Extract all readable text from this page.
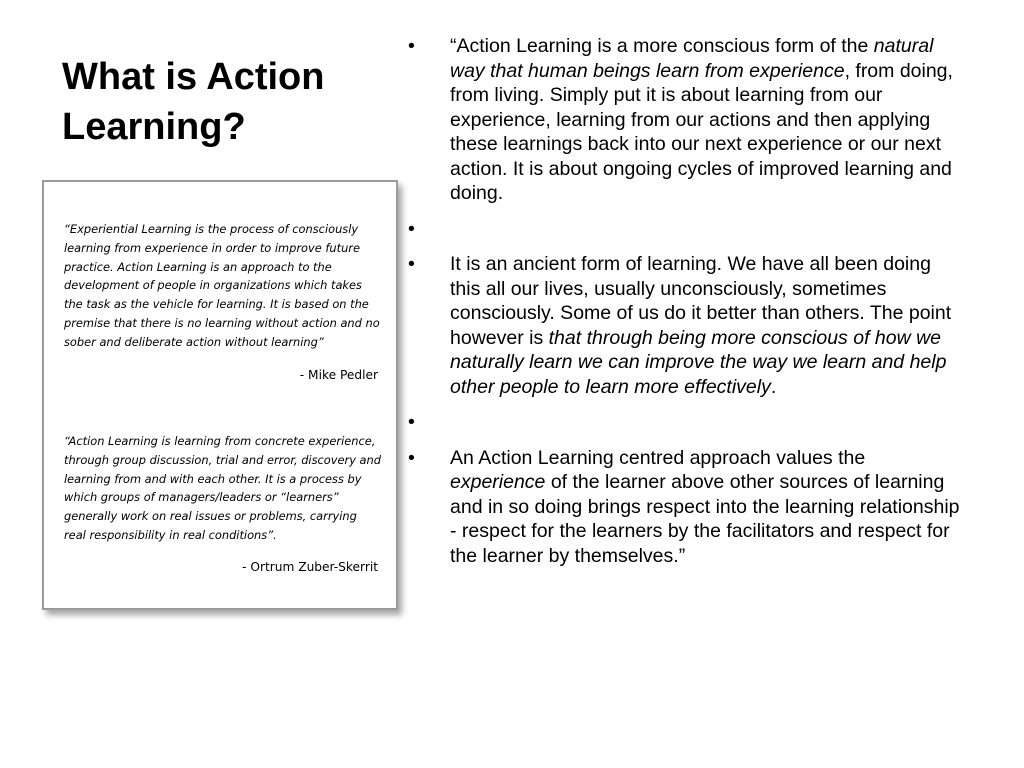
What is Action Learning?
“Experiential Learning is the process of consciously learning from experience in order to improve future practice. Action Learning is an approach to the development of people in organizations which takes the task as the vehicle for learning. It is based on the premise that there is no learning without action and no sober and deliberate action without learning”
- Mike Pedler
“Action Learning is learning from concrete experience, through group discussion, trial and error, discovery and learning from and with each other. It is a process by which groups of managers/leaders or “learners” generally work on real issues or problems, carrying real responsibility in real conditions”.
- Ortrum Zuber-Skerrit
•	“Action Learning is a more conscious form of the natural way that human beings learn from experience, from doing, from living. Simply put it is about learning from our experience, learning from our actions and then applying these learnings back into our next experience or our next action. It is about ongoing cycles of improved learning and doing.
•
•	It is an ancient form of learning. We have all been doing this all our lives, usually unconsciously, sometimes consciously. Some of us do it better than others. The point however is that through being more conscious of how we naturally learn we can improve the way we learn and help other people to learn more effectively.
•
•	An Action Learning centred approach values the experience of the learner above other sources of learning and in so doing brings respect into the learning relationship - respect for the learners by the facilitators and respect for the learner by themselves.”
